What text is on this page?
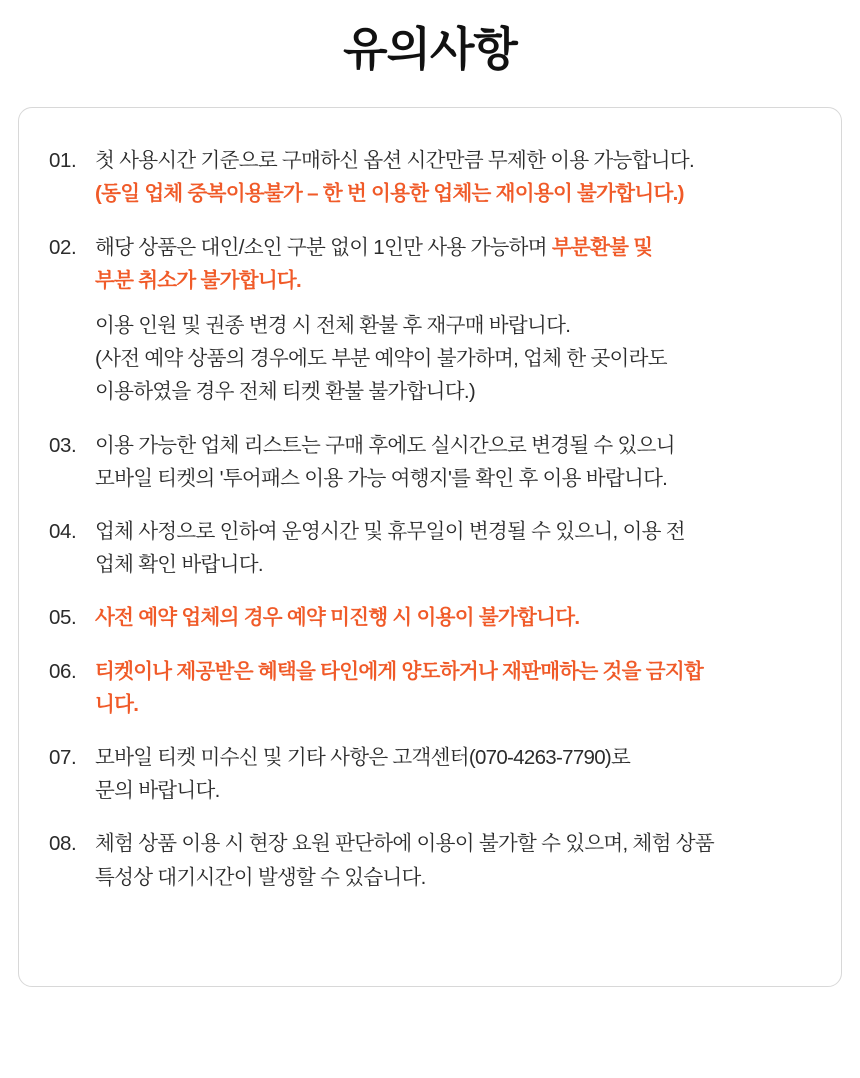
유의사항
01. 첫 사용시간 기준으로 구매하신 옵션 시간만큼 무제한 이용 가능합니다.
(동일 업체 중복이용불가 – 한 번 이용한 업체는 재이용이 불가합니다.)
02. 해당 상품은 대인/소인 구분 없이 1인만 사용 가능하며 부분환불 및
부분 취소가 불가합니다.
이용 인원 및 권종 변경 시 전체 환불 후 재구매 바랍니다.
(사전 예약 상품의 경우에도 부분 예약이 불가하며, 업체 한 곳이라도
이용하였을 경우 전체 티켓 환불 불가합니다.)
03. 이용 가능한 업체 리스트는 구매 후에도 실시간으로 변경될 수 있으니
모바일 티켓의 '투어패스 이용 가능 여행지'를 확인 후 이용 바랍니다.
04. 업체 사정으로 인하여 운영시간 및 휴무일이 변경될 수 있으니, 이용 전
업체 확인 바랍니다.
05. 사전 예약 업체의 경우 예약 미진행 시 이용이 불가합니다.
06. 티켓이나 제공받은 혜택을 타인에게 양도하거나 재판매하는 것을 금지합
니다.
07. 모바일 티켓 미수신 및 기타 사항은 고객센터(070-4263-7790)로
문의 바랍니다.
08. 체험 상품 이용 시 현장 요원 판단하에 이용이 불가할 수 있으며, 체험 상품
특성상 대기시간이 발생할 수 있습니다.
